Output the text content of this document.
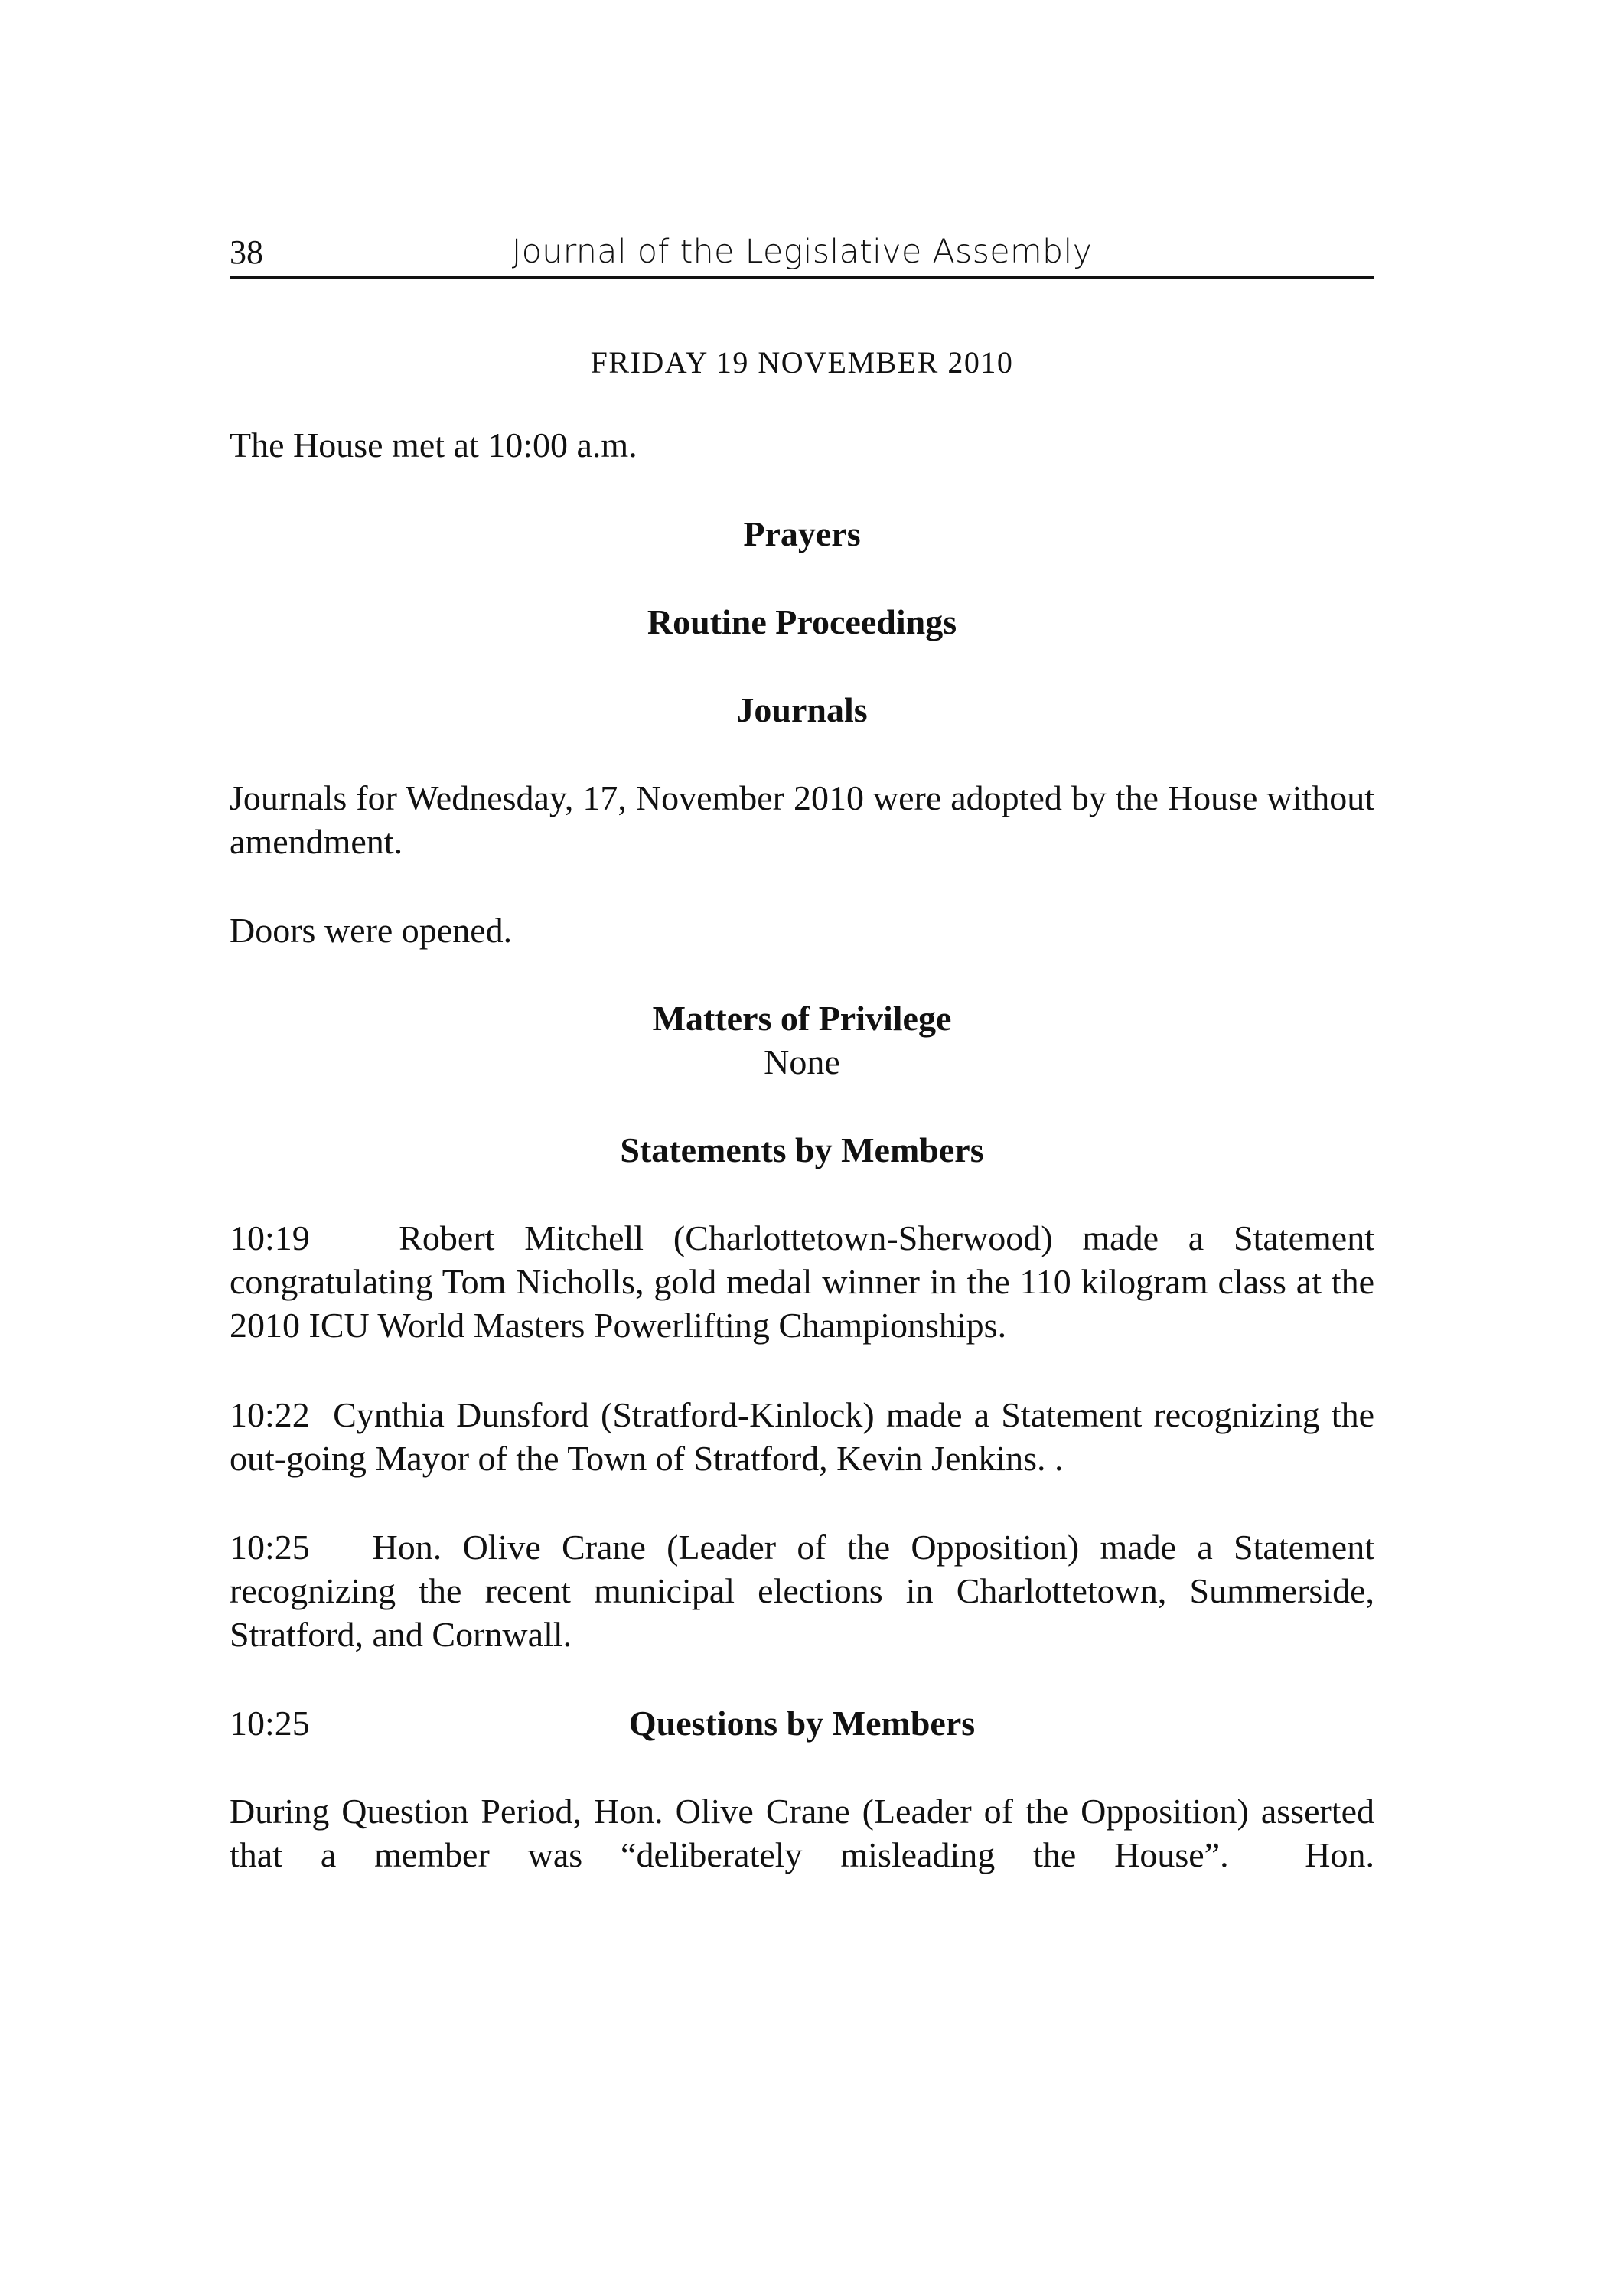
38	Journal of the Legislative Assembly
FRIDAY 19 NOVEMBER 2010
The House met at 10:00 a.m.
Prayers
Routine Proceedings
Journals
Journals for Wednesday, 17, November 2010 were adopted by the House without amendment.
Doors were opened.
Matters of Privilege
None
Statements by Members
10:19   Robert Mitchell (Charlottetown-Sherwood) made a Statement congratulating Tom Nicholls, gold medal winner in the 110 kilogram class at the 2010 ICU World Masters Powerlifting Championships.
10:22  Cynthia Dunsford (Stratford-Kinlock) made a Statement recognizing the out-going Mayor of the Town of Stratford, Kevin Jenkins. .
10:25   Hon. Olive Crane (Leader of the Opposition) made a Statement recognizing the recent municipal elections in Charlottetown, Summerside, Stratford, and Cornwall.
10:25	Questions by Members
During Question Period, Hon. Olive Crane (Leader of the Opposition) asserted that a member was “deliberately misleading the House”.  Hon.
